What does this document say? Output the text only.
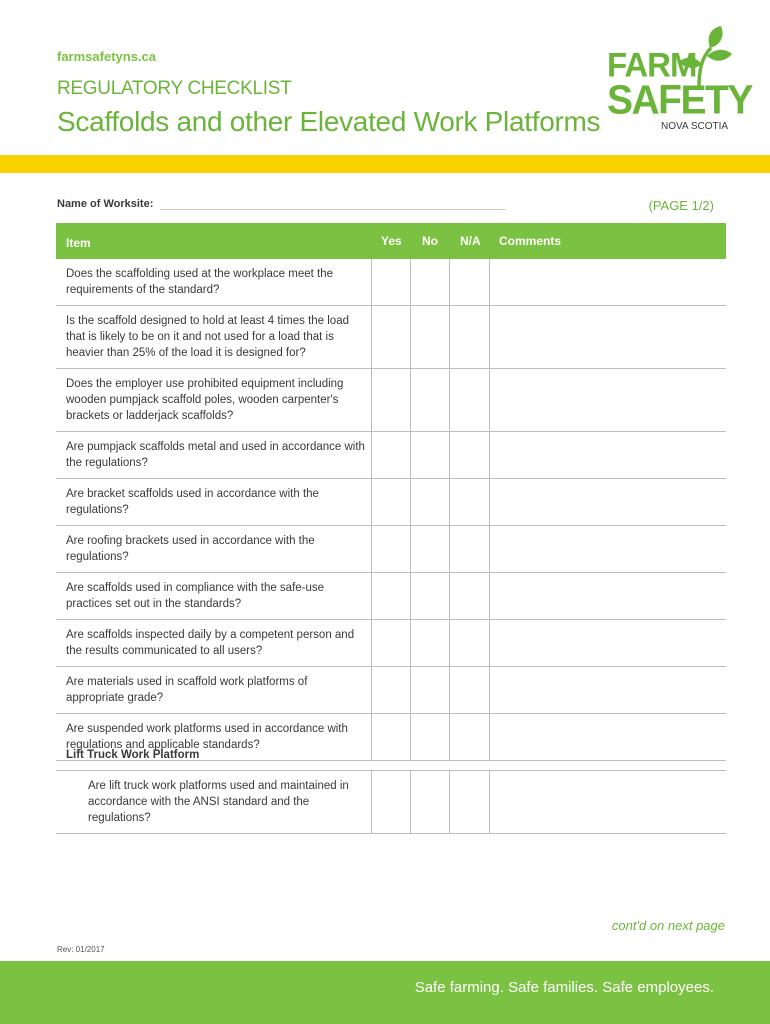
farmsafetyns.ca
REGULATORY CHECKLIST
Scaffolds and other Elevated Work Platforms
FARM
SAFETY
NOVA SCOTIA
Name of Worksite:	(PAGE 1/2)
Item	Yes No N/A Comments
Does the scaffolding used at the workplace meet the requirements of the standard?
Is the scaffold designed to hold at least 4 times the load that is likely to be on it and not used for a load that is heavier than 25% of the load it is designed for?
Does the employer use prohibited equipment including wooden pumpjack scaffold poles, wooden carpenter's brackets or ladderjack scaffolds?
Are pumpjack scaffolds metal and used in accordance with the regulations?
Are bracket scaffolds used in accordance with the regulations?
Are roofing brackets used in accordance with the regulations?
Are scaffolds used in compliance with the safe-use practices set out in the standards?
Are scaffolds inspected daily by a competent person and the results communicated to all users?
Are materials used in scaffold work platforms of appropriate grade?
Are suspended work platforms used in accordance with regulations and applicable standards?
Lift Truck Work Platform
Are lift truck work platforms used and maintained in accordance with the ANSI standard and the regulations?
cont'd on next page
Rev: 01/2017
Safe farming. Safe families. Safe employees.
